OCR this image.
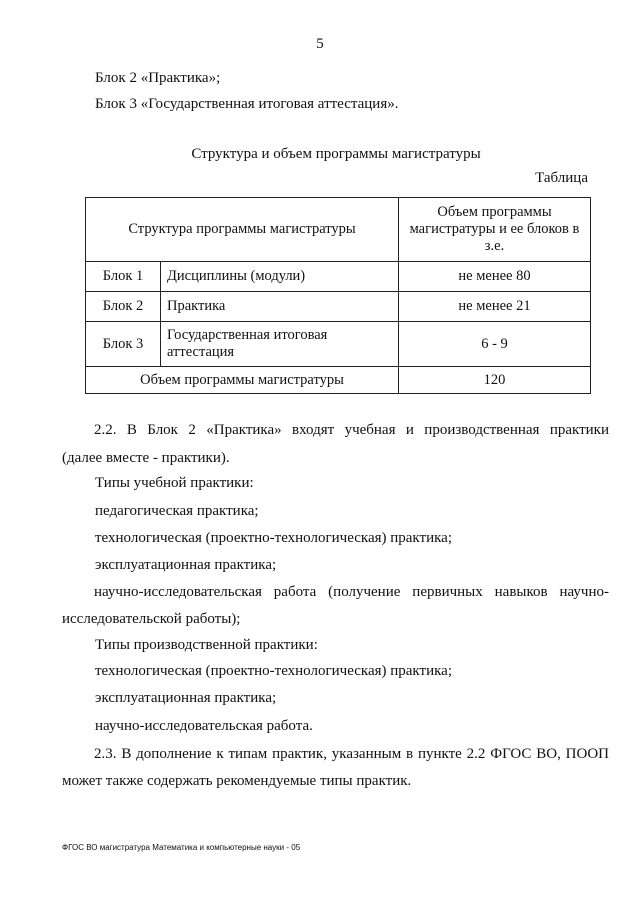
5
Блок 2 «Практика»;
Блок 3 «Государственная итоговая аттестация».
Структура и объем программы магистратуры
Таблица
Структура программы магистратуры		Объем программы магистратуры и ее блоков в з.е.
Блок 1	Дисциплины (модули)	не менее 80
Блок 2	Практика	не менее 21
Блок 3	Государственная итоговая аттестация	6 - 9
Объем программы магистратуры		120
2.2. В Блок 2 «Практика» входят учебная и производственная практики
(далее вместе - практики).
Типы учебной практики:
педагогическая практика;
технологическая (проектно-технологическая) практика;
эксплуатационная практика;
научно-исследовательская работа (получение первичных навыков научно-
исследовательской работы);
Типы производственной практики:
технологическая (проектно-технологическая) практика;
эксплуатационная практика;
научно-исследовательская работа.
2.3. В дополнение к типам практик, указанным в пункте 2.2 ФГОС ВО, ПООП
может также содержать рекомендуемые типы практик.
ФГОС ВО магистратура Математика и компьютерные науки - 05
